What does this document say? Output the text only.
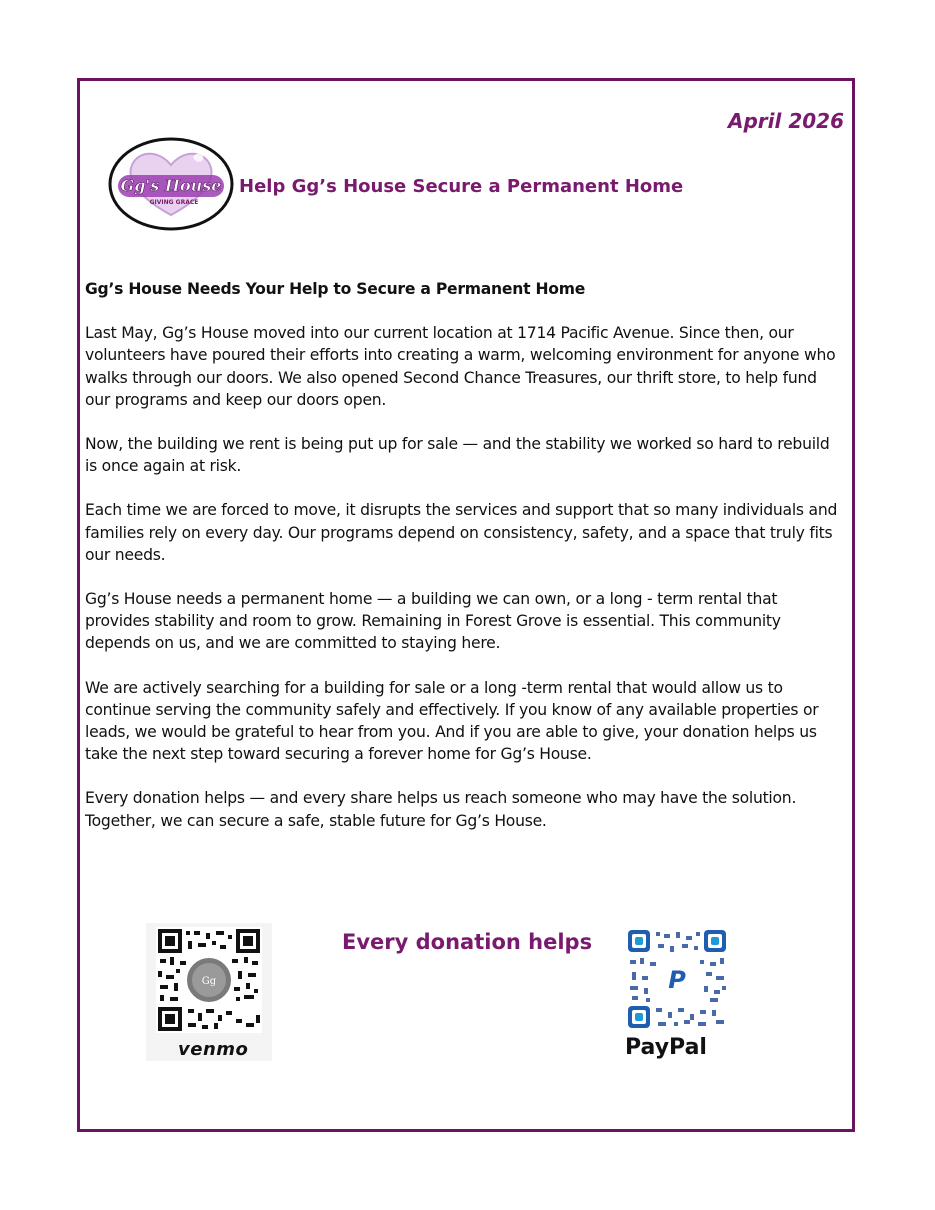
April 2026
Gg's House
GIVING GRACE
Help Gg’s House Secure a Permanent Home

Gg’s House Needs Your Help to Secure a Permanent Home

Last May, Gg’s House moved into our current location at 1714 Pacific Avenue. Since then, our volunteers have poured their efforts into creating a warm, welcoming environment for anyone who walks through our doors. We also opened Second Chance Treasures, our thrift store, to help fund our programs and keep our doors open.

Now, the building we rent is being put up for sale — and the stability we worked so hard to rebuild is once again at risk.

Each time we are forced to move, it disrupts the services and support that so many individuals and families rely on every day. Our programs depend on consistency, safety, and a space that truly fits our needs.

Gg’s House needs a permanent home — a building we can own, or a long - term rental that provides stability and room to grow. Remaining in Forest Grove is essential. This community depends on us, and we are committed to staying here.

We are actively searching for a building for sale or a long -term rental that would allow us to continue serving the community safely and effectively. If you know of any available properties or leads, we would be grateful to hear from you. And if you are able to give, your donation helps us take the next step toward securing a forever home for Gg’s House.

Every donation helps — and every share helps us reach someone who may have the solution. Together, we can secure a safe, stable future for Gg’s House.

Gg
venmo
Every donation helps
P
PayPal
